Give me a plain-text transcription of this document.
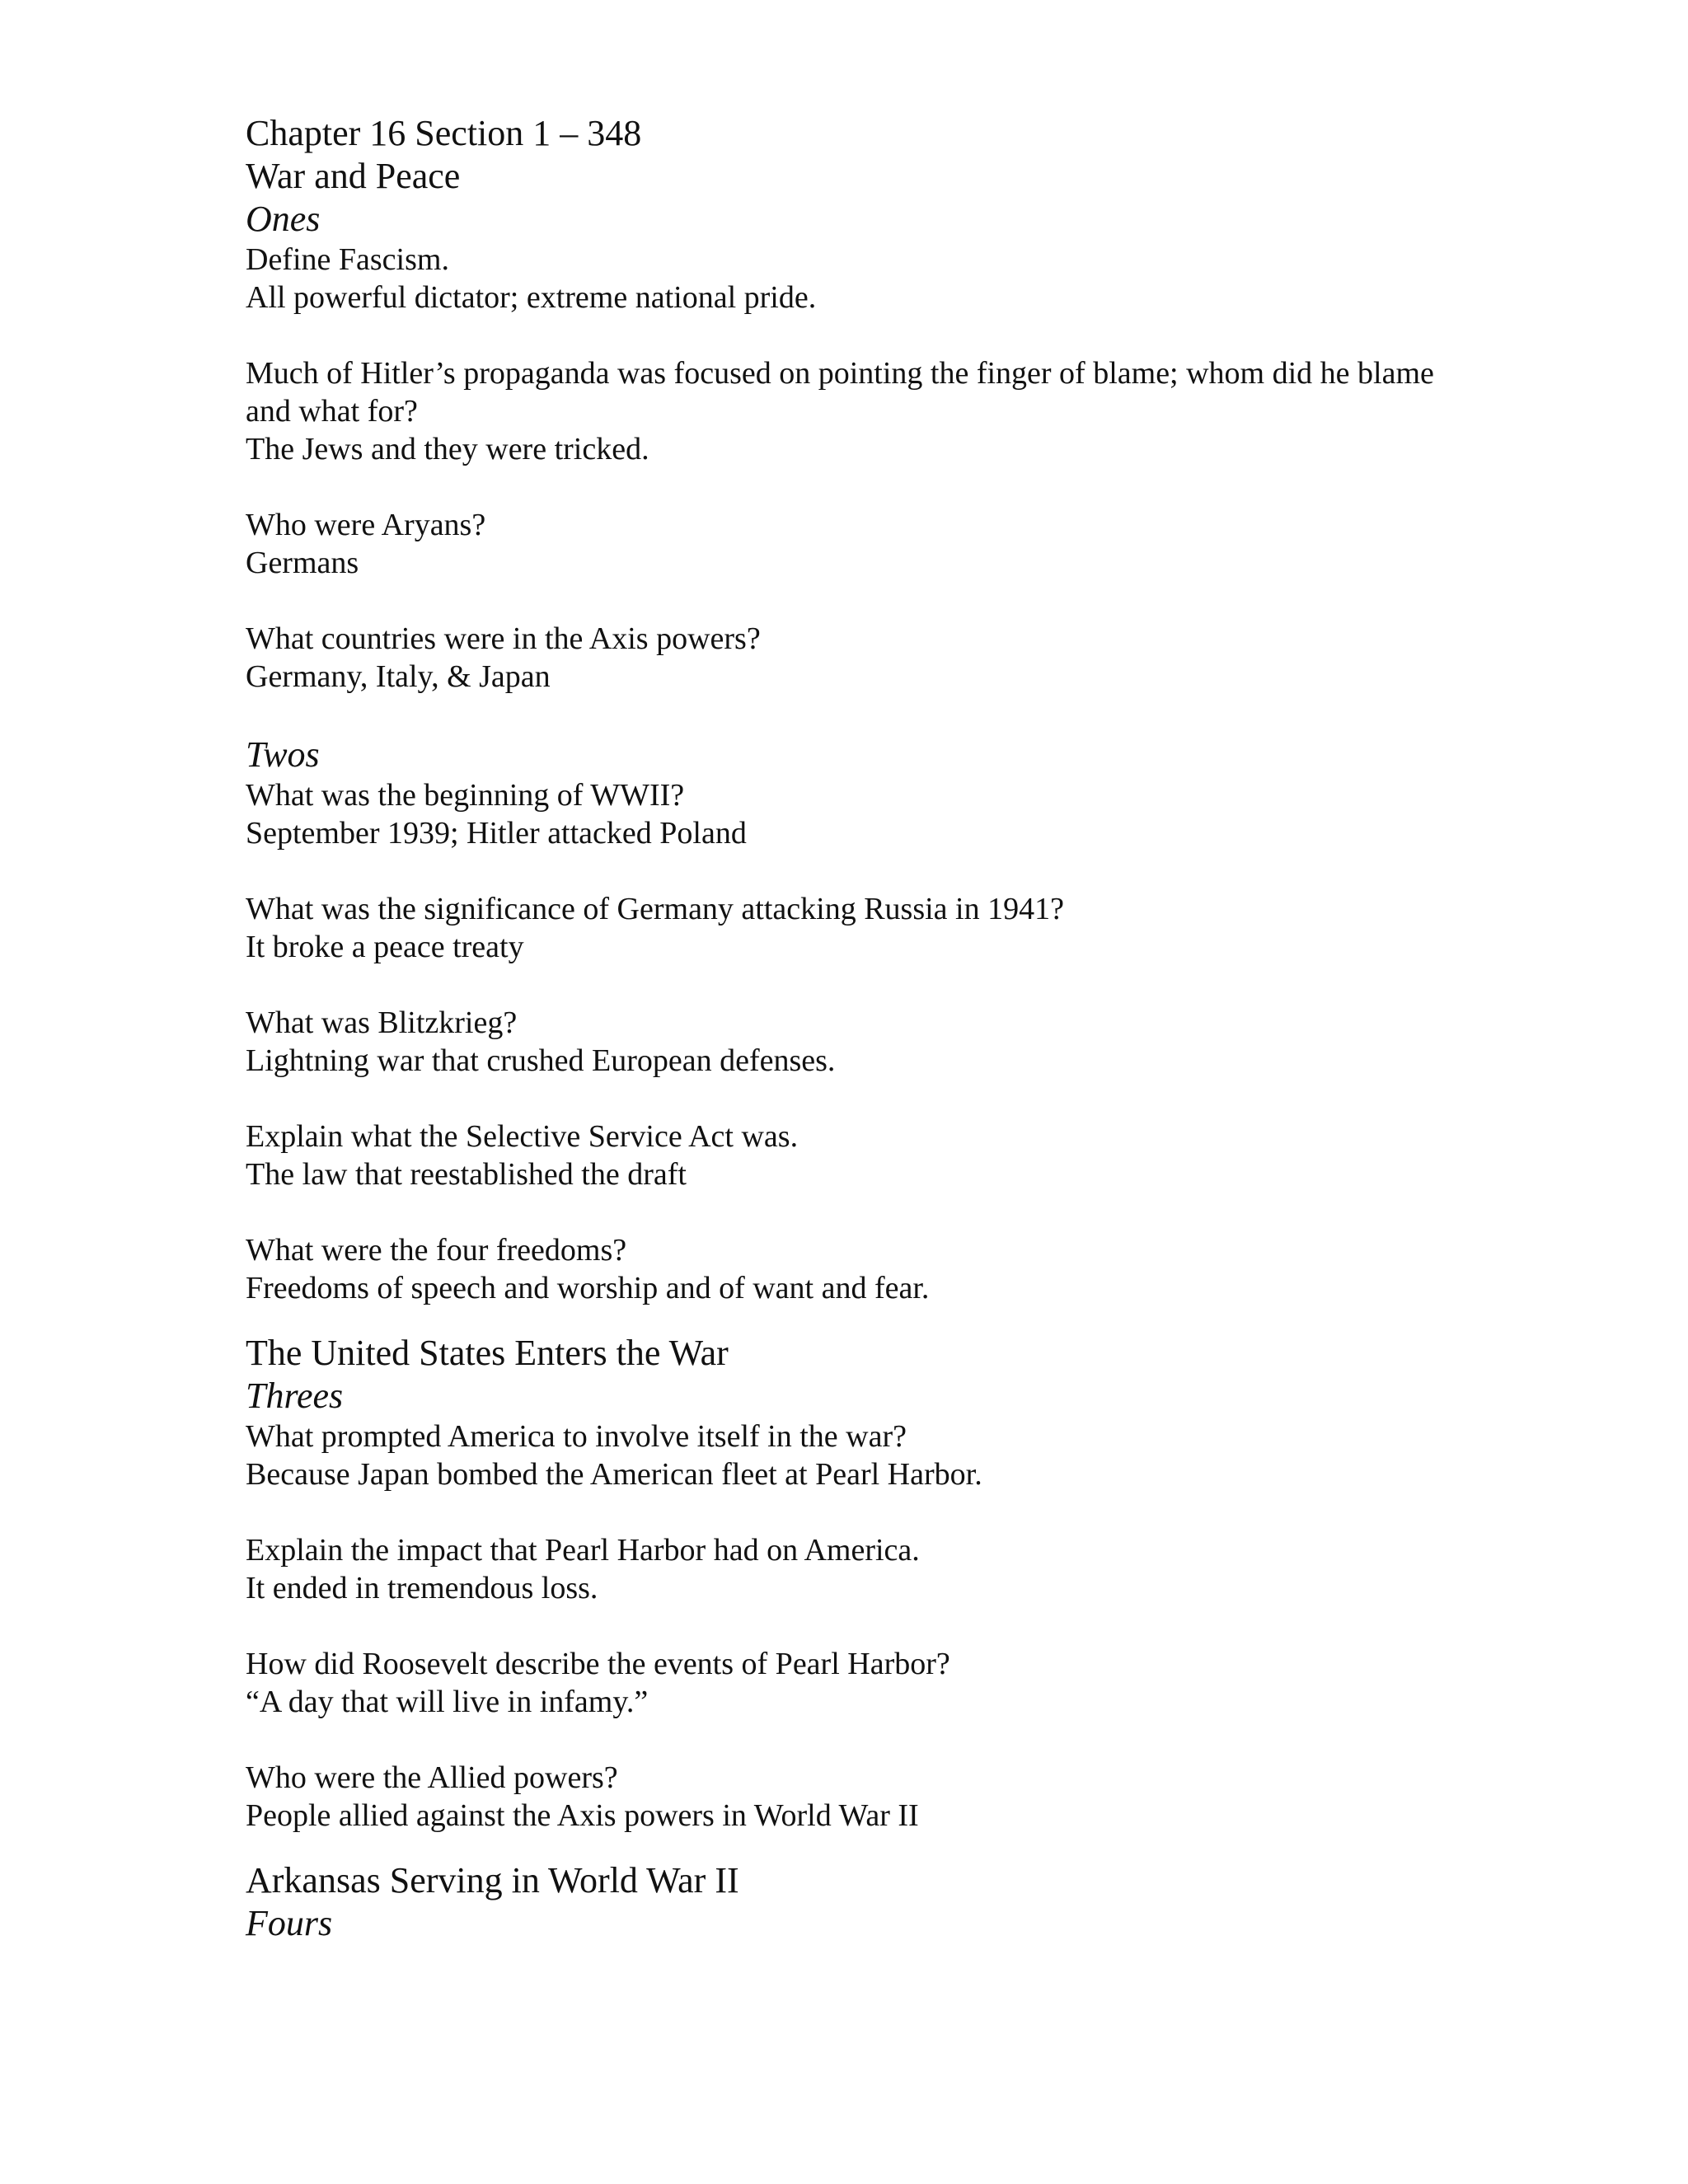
Chapter 16 Section 1 – 348
War and Peace
Ones

Define Fascism.

All powerful dictator; extreme national pride.

Much of Hitler’s propaganda was focused on pointing the finger of blame; whom did he blame and what for?

The Jews and they were tricked.

Who were Aryans?

Germans

What countries were in the Axis powers?

Germany, Italy, & Japan

Twos

What was the beginning of WWII?

September 1939; Hitler attacked Poland

What was the significance of Germany attacking Russia in 1941?

It broke a peace treaty

What was Blitzkrieg?

Lightning war that crushed European defenses.

Explain what the Selective Service Act was.

The law that reestablished the draft

What were the four freedoms?

Freedoms of speech and worship and of want and fear.

The United States Enters the War
Threes

What prompted America to involve itself in the war?

Because Japan bombed the American fleet at Pearl Harbor.

Explain the impact that Pearl Harbor had on America.

It ended in tremendous loss.

How did Roosevelt describe the events of Pearl Harbor?

“A day that will live in infamy.”

Who were the Allied powers?

People allied against the Axis powers in World War II

Arkansas Serving in World War II
Fours
